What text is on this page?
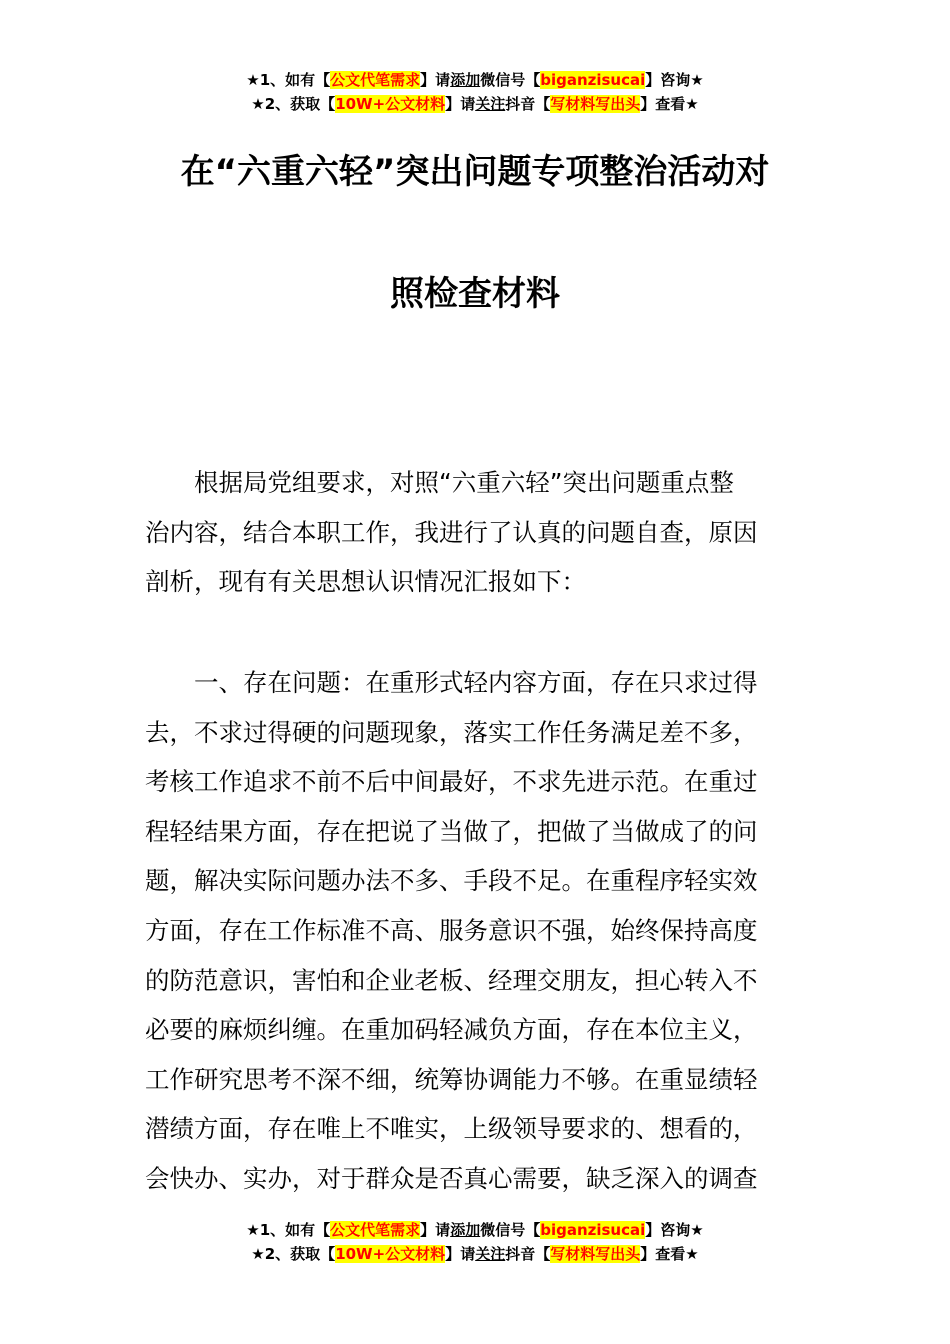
★1、如有【公文代笔需求】请添加微信号【biganzisucai】咨询★
★2、获取【10W+公文材料】请关注抖音【写材料写出头】查看★
在“六重六轻”突出问题专项整治活动对
照检查材料
　　根据局党组要求，对照“六重六轻”突出问题重点整
治内容，结合本职工作，我进行了认真的问题自查，原因
剖析，现有有关思想认识情况汇报如下：
　　一、存在问题：在重形式轻内容方面，存在只求过得
去，不求过得硬的问题现象，落实工作任务满足差不多，
考核工作追求不前不后中间最好，不求先进示范。在重过
程轻结果方面，存在把说了当做了，把做了当做成了的问
题，解决实际问题办法不多、手段不足。在重程序轻实效
方面，存在工作标准不高、服务意识不强，始终保持高度
的防范意识，害怕和企业老板、经理交朋友，担心转入不
必要的麻烦纠缠。在重加码轻减负方面，存在本位主义，
工作研究思考不深不细，统筹协调能力不够。在重显绩轻
潜绩方面，存在唯上不唯实，上级领导要求的、想看的，
会快办、实办，对于群众是否真心需要，缺乏深入的调查
★1、如有【公文代笔需求】请添加微信号【biganzisucai】咨询★
★2、获取【10W+公文材料】请关注抖音【写材料写出头】查看★
